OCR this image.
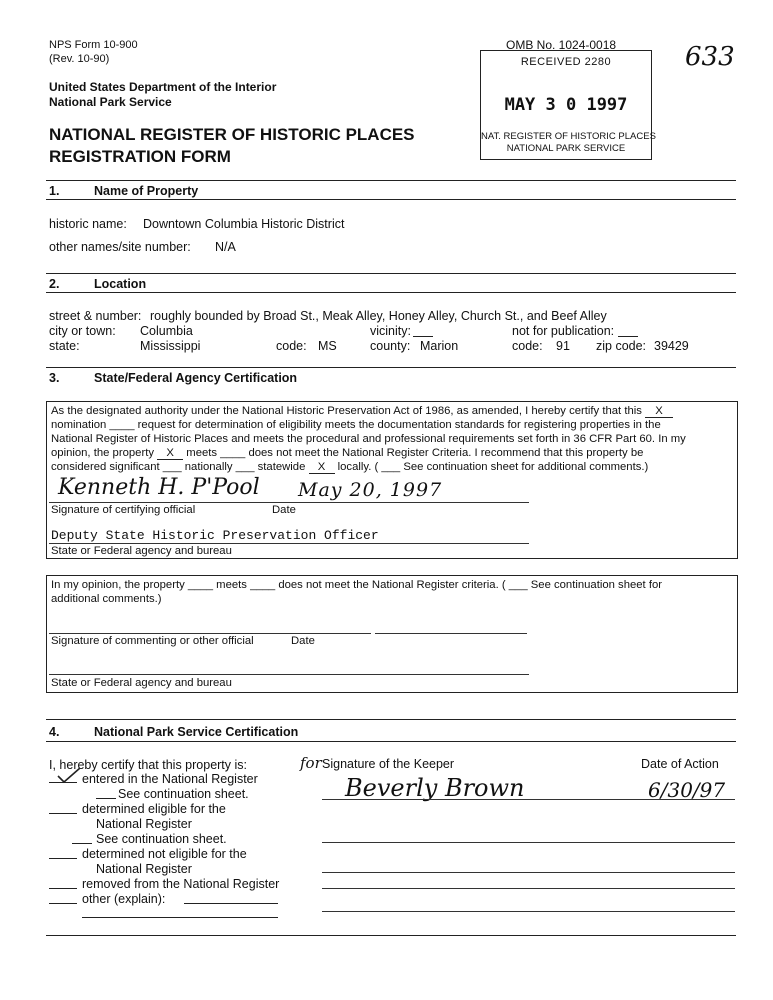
NPS Form 10-900
(Rev. 10-90)
United States Department of the Interior
National Park Service
NATIONAL REGISTER OF HISTORIC PLACES
REGISTRATION FORM
OMB No. 1024-0018	633
RECEIVED 2280
MAY 3 0 1997
NAT. REGISTER OF HISTORIC PLACES
NATIONAL PARK SERVICE
1.	Name of Property
historic name: Downtown Columbia Historic District
other names/site number: N/A
2.	Location
street & number: roughly bounded by Broad St., Meak Alley, Honey Alley, Church St., and Beef Alley
city or town: Columbia	vicinity:	not for publication:
state:	Mississippi	code: MS	county: Marion	code: 91 zip code: 39429
3.	State/Federal Agency Certification
As the designated authority under the National Historic Preservation Act of 1986, as amended, I hereby certify that this X
nomination ____ request for determination of eligibility meets the documentation standards for registering properties in the
National Register of Historic Places and meets the procedural and professional requirements set forth in 36 CFR Part 60. In my
opinion, the property X meets ____ does not meet the National Register Criteria. I recommend that this property be
considered significant ___ nationally ___ statewide X locally. ( ___ See continuation sheet for additional comments.)
Kenneth H. P'Pool May 20, 1997
Signature of certifying official	Date
Deputy State Historic Preservation Officer
State or Federal agency and bureau
In my opinion, the property ____ meets ____ does not meet the National Register criteria. ( ___ See continuation sheet for
additional comments.)
Signature of commenting or other official	Date
State or Federal agency and bureau
4.	National Park Service Certification
I, hereby certify that this property is:
entered in the National Register
See continuation sheet.
determined eligible for the
National Register
See continuation sheet.
determined not eligible for the
National Register
removed from the National Register
other (explain):
for Signature of the Keeper	Date of Action
Beverly Brown	6/30/97
